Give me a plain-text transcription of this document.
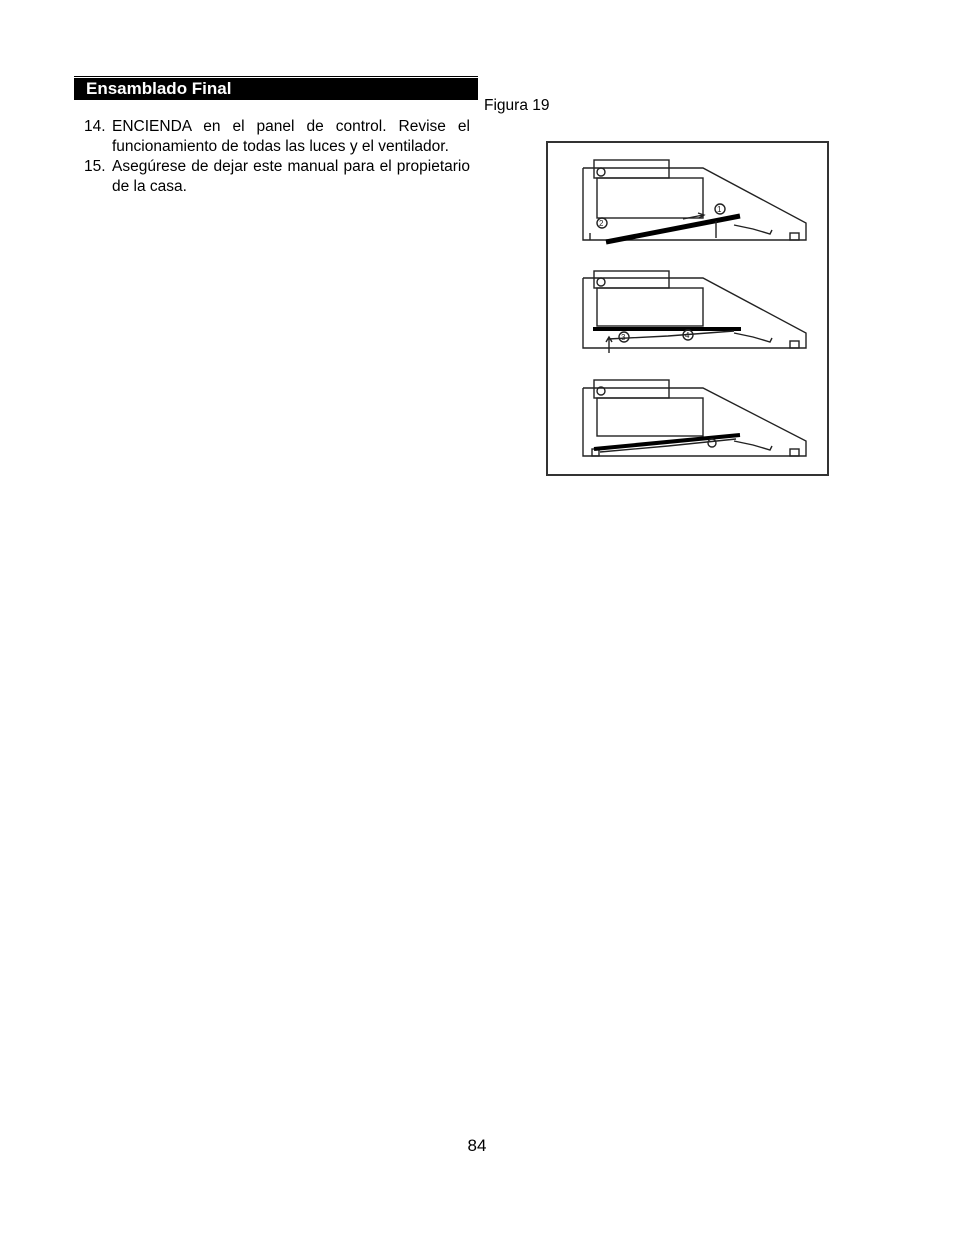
Ensamblado Final
14. ENCIENDA en el panel de control. Revise el funcionamiento de todas las luces y el ventilador.
15. Asegúrese de dejar este manual para el propietario de la casa.
Figura 19
1
2
3	4
84
